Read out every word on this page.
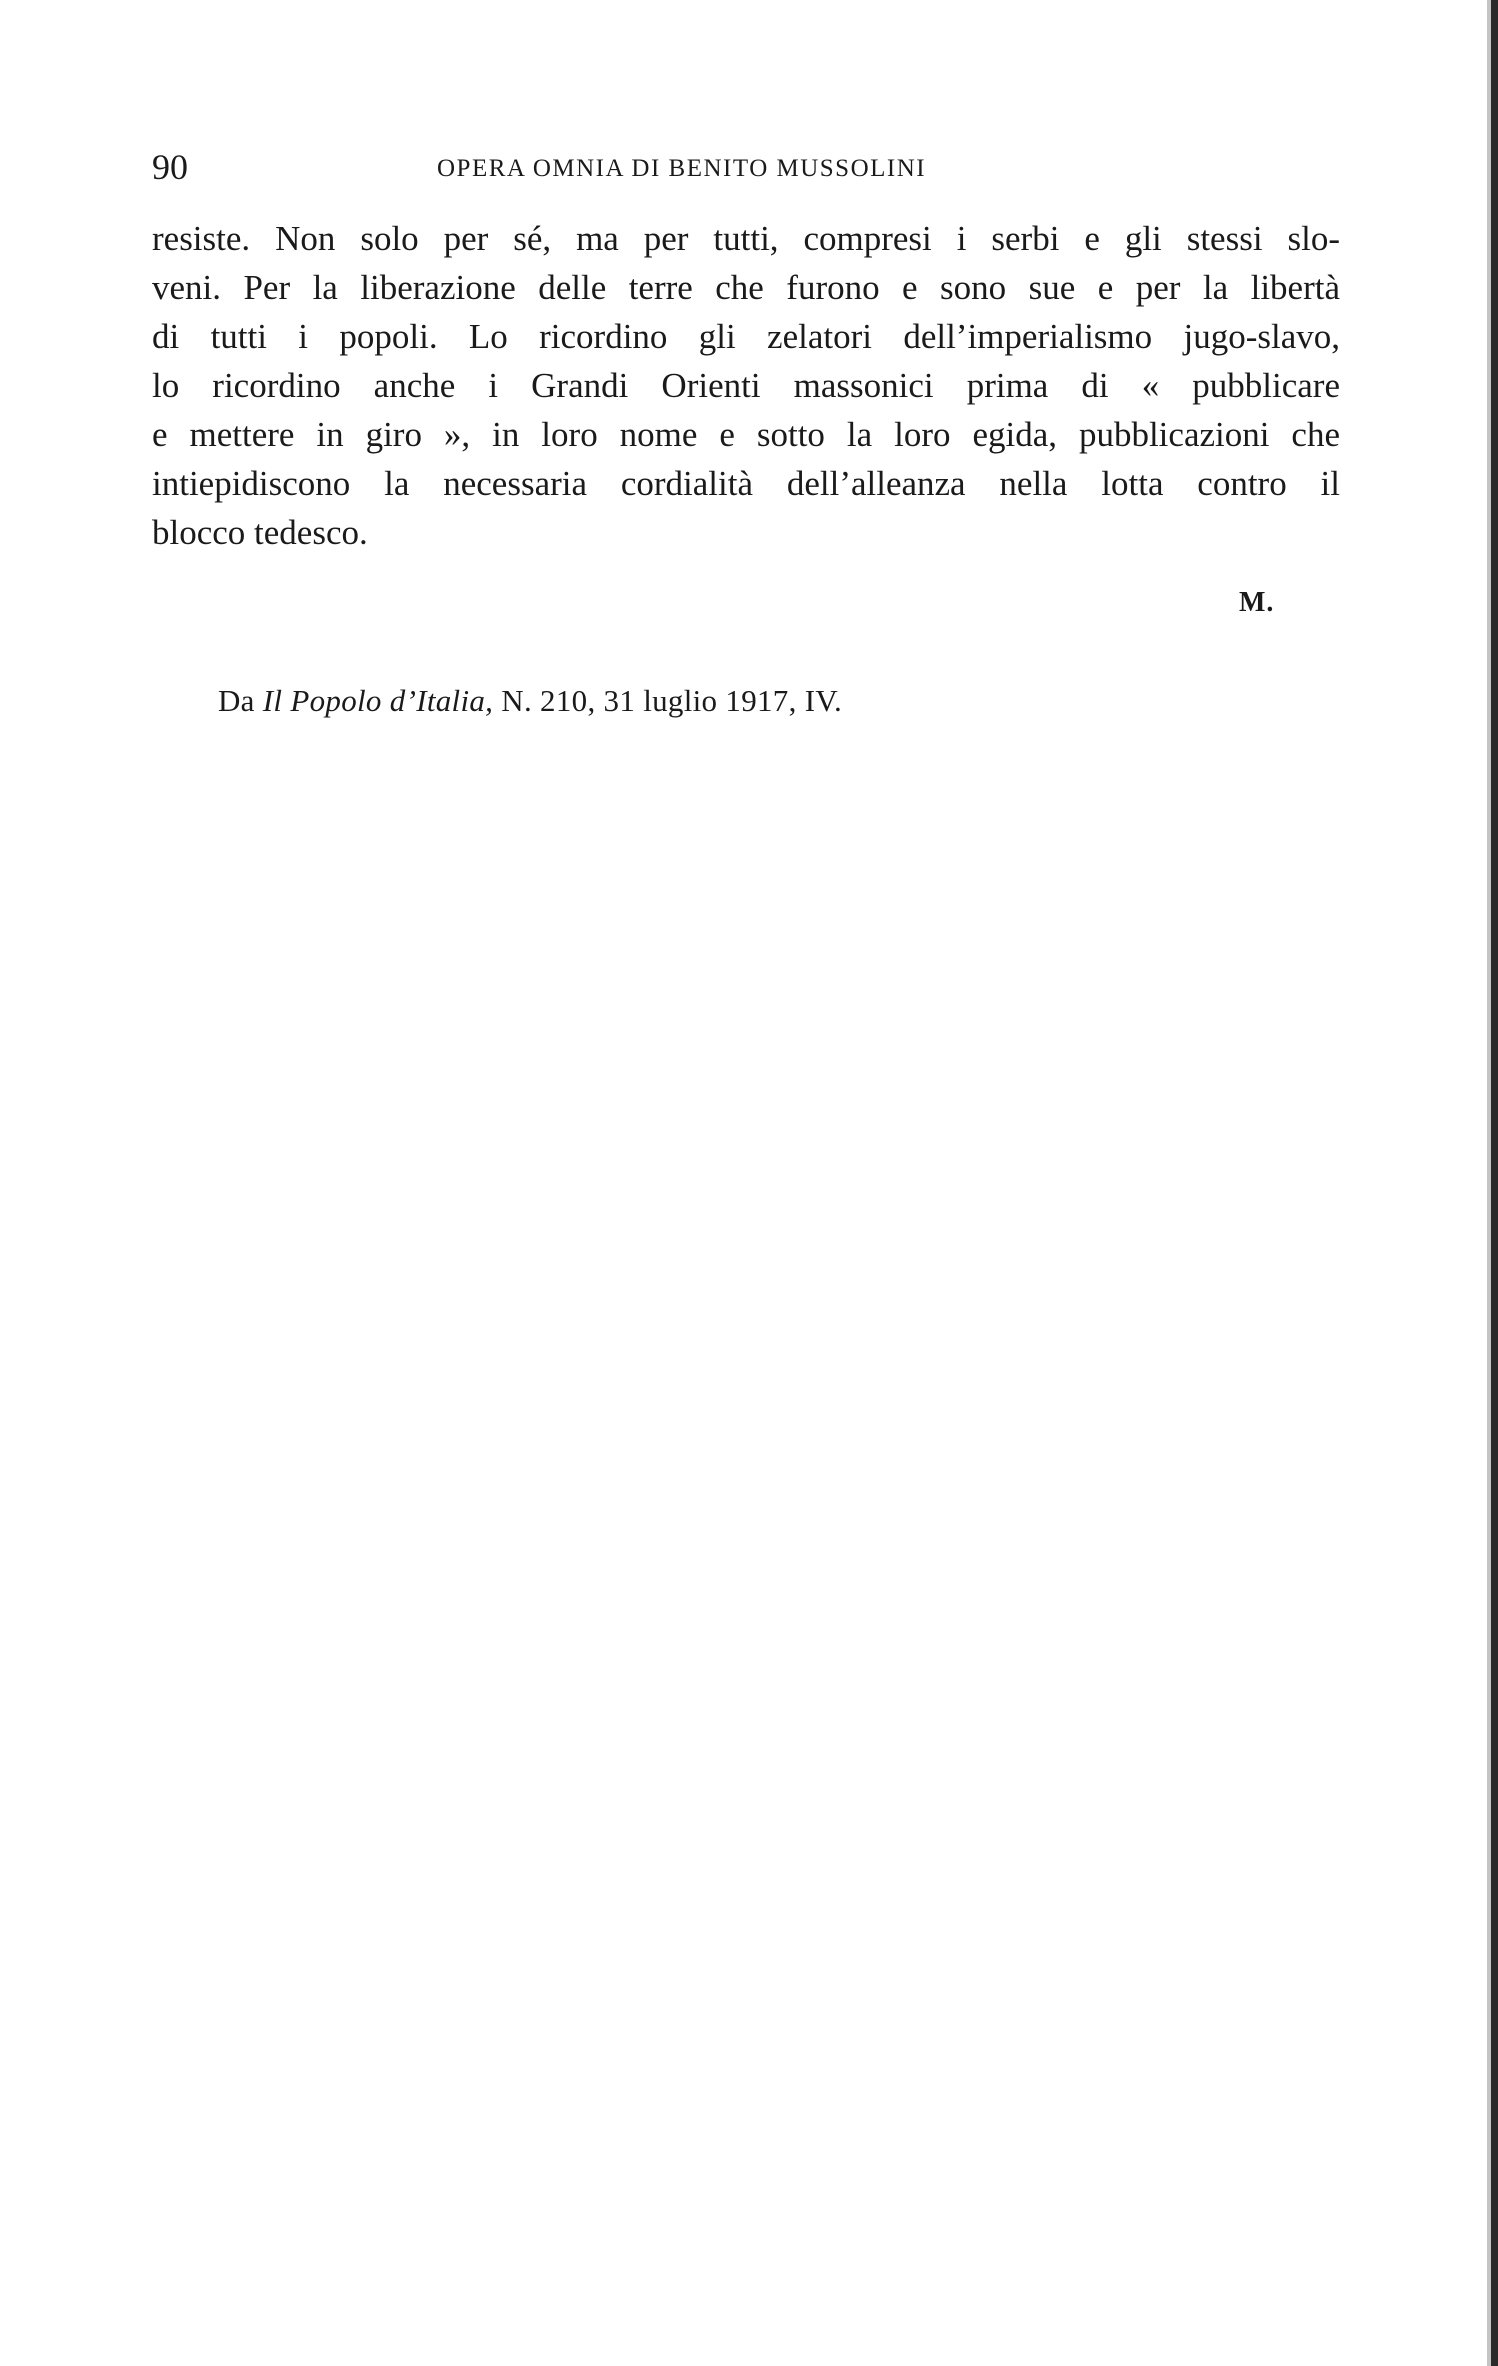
90	OPERA OMNIA DI BENITO MUSSOLINI
resiste. Non solo per sé, ma per tutti, compresi i serbi e gli stessi slo-
veni. Per la liberazione delle terre che furono e sono sue e per la libertà
di tutti i popoli. Lo ricordino gli zelatori dell’imperialismo jugo-slavo,
lo ricordino anche i Grandi Orienti massonici prima di « pubblicare
e mettere in giro », in loro nome e sotto la loro egida, pubblicazioni che
intiepidiscono la necessaria cordialità dell’alleanza nella lotta contro il
blocco tedesco.
M.
Da Il Popolo d’Italia, N. 210, 31 luglio 1917, IV.
